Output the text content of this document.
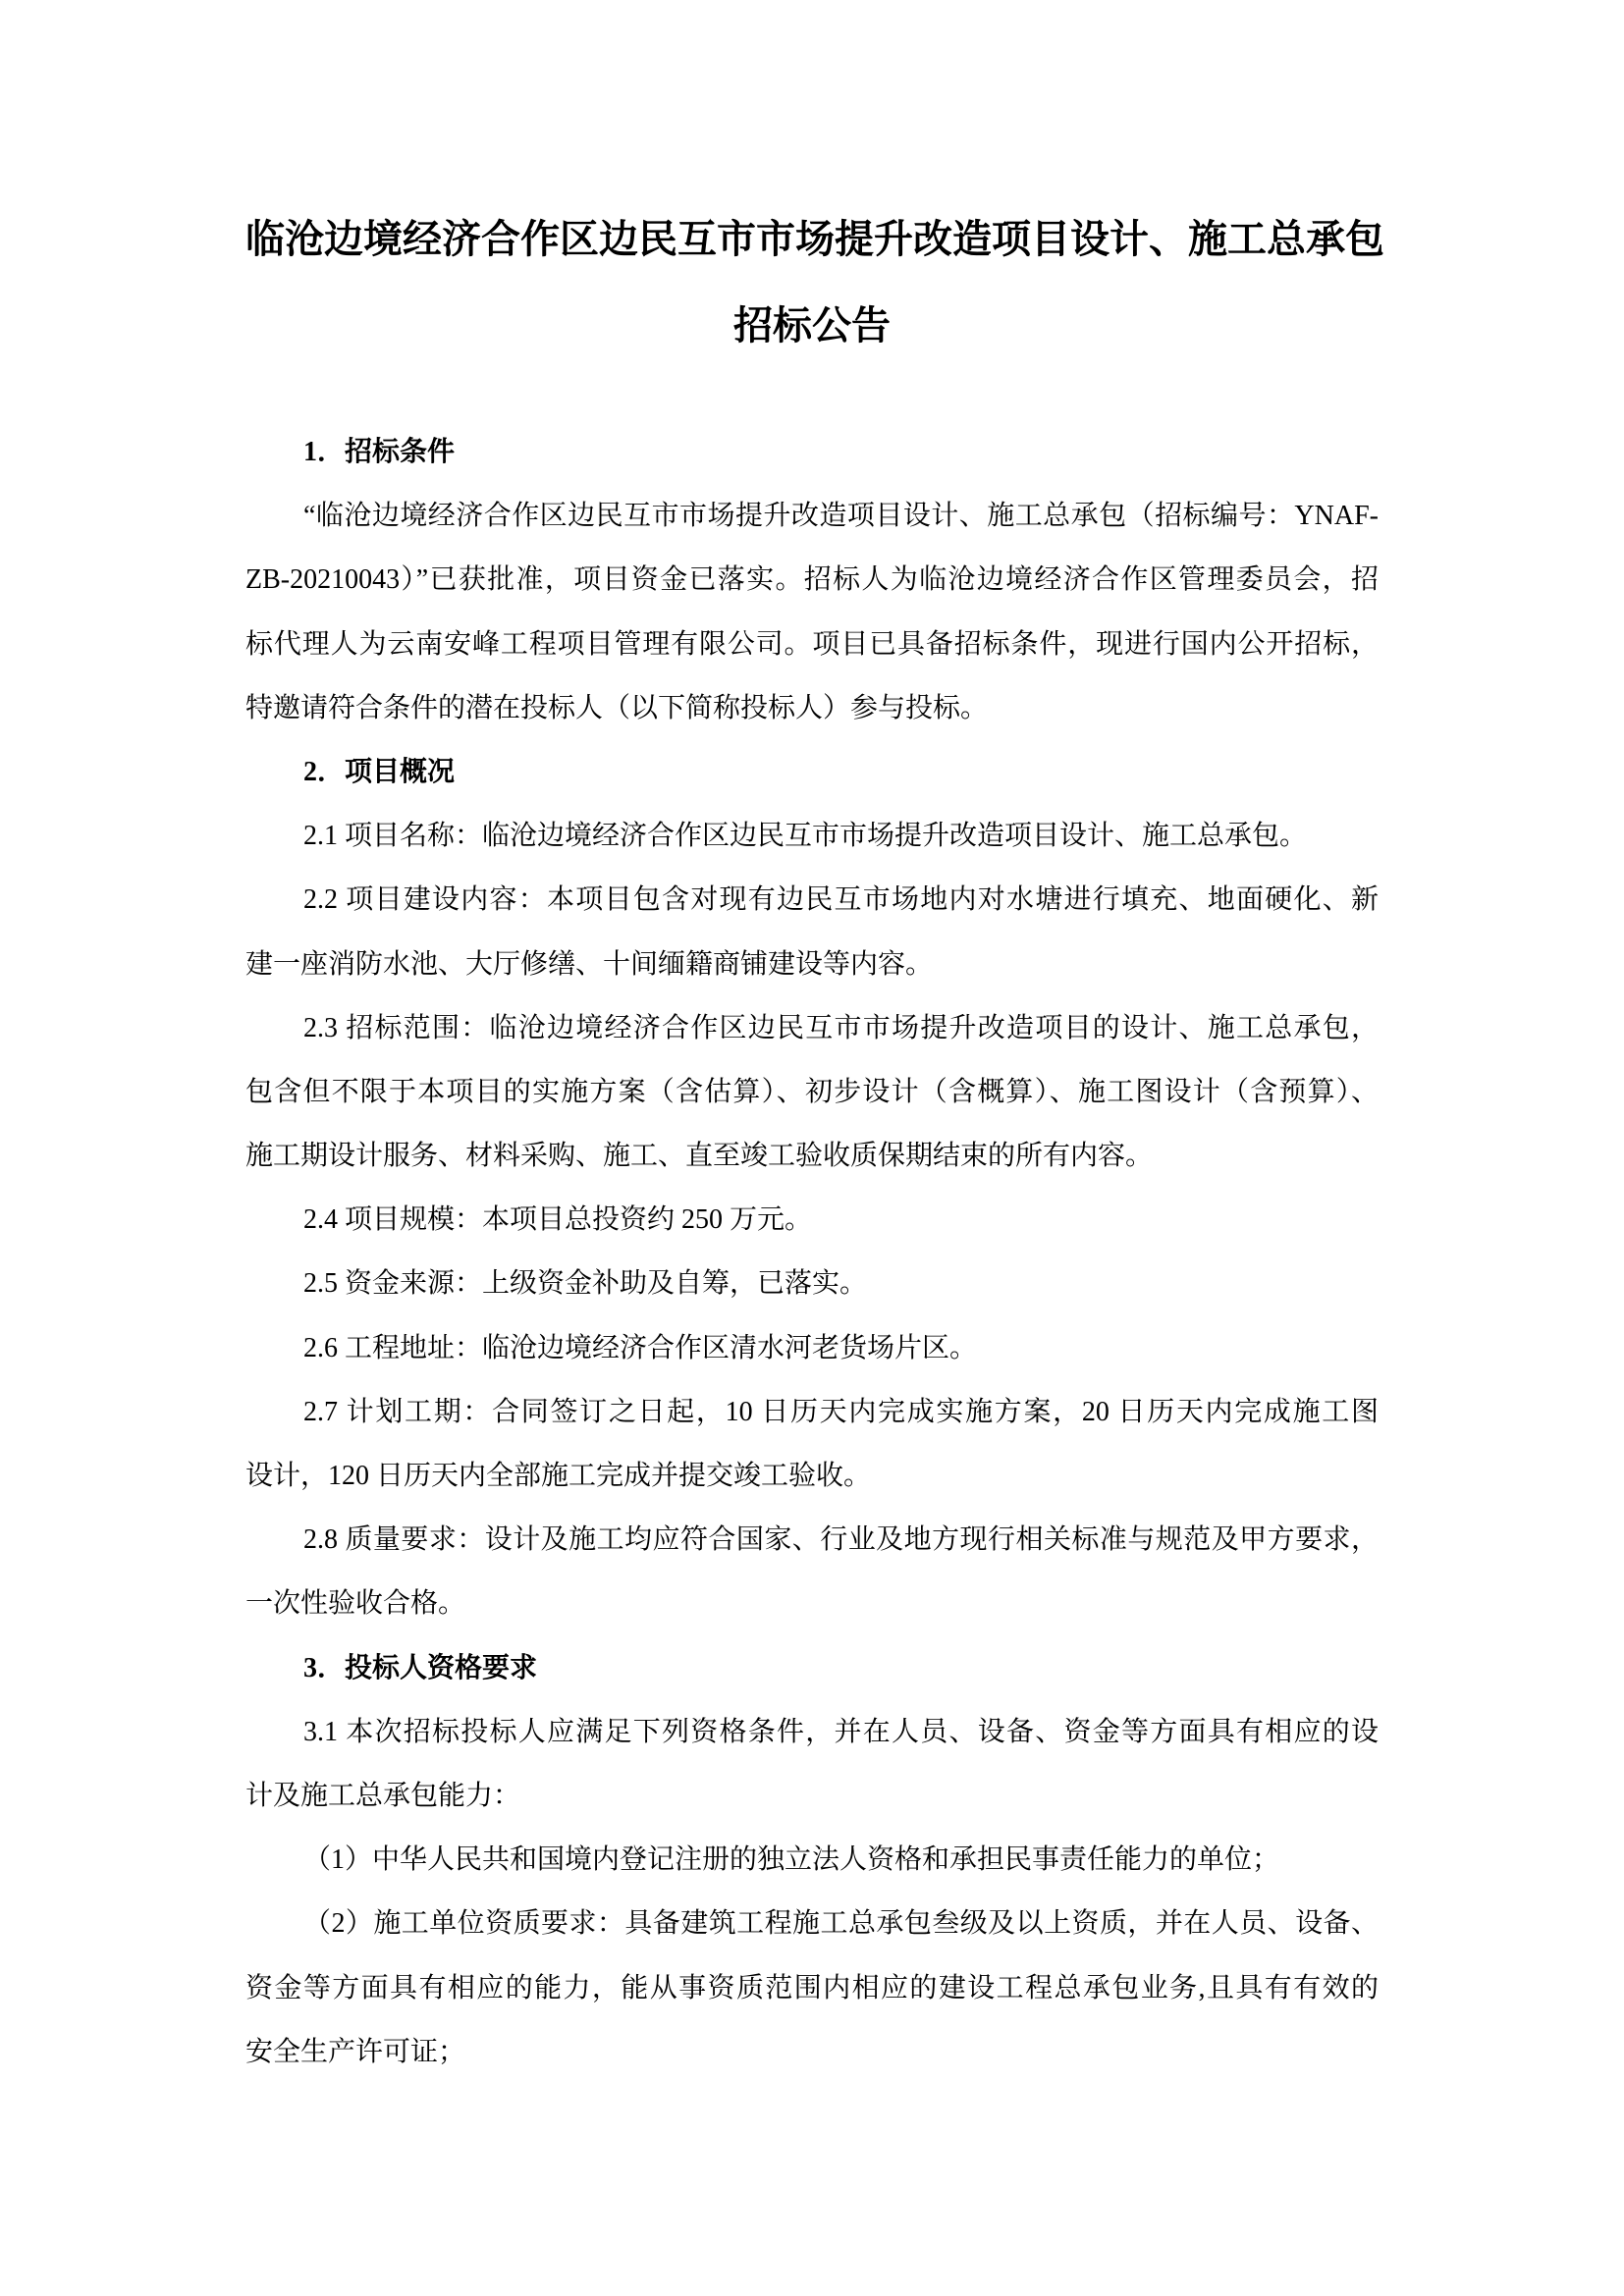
临沧边境经济合作区边民互市市场提升改造项目设计、施工总承包
招标公告
1．招标条件
“临沧边境经济合作区边民互市市场提升改造项目设计、施工总承包（招标编号：YNAF-
ZB-20210043）”已获批准，项目资金已落实。招标人为临沧边境经济合作区管理委员会，招
标代理人为云南安峰工程项目管理有限公司。项目已具备招标条件，现进行国内公开招标，
特邀请符合条件的潜在投标人（以下简称投标人）参与投标。
2．项目概况
2.1 项目名称：临沧边境经济合作区边民互市市场提升改造项目设计、施工总承包。
2.2 项目建设内容：本项目包含对现有边民互市场地内对水塘进行填充、地面硬化、新
建一座消防水池、大厅修缮、十间缅籍商铺建设等内容。
2.3 招标范围：临沧边境经济合作区边民互市市场提升改造项目的设计、施工总承包，
包含但不限于本项目的实施方案（含估算）、初步设计（含概算）、施工图设计（含预算）、
施工期设计服务、材料采购、施工、直至竣工验收质保期结束的所有内容。
2.4 项目规模：本项目总投资约 250 万元。
2.5 资金来源：上级资金补助及自筹，已落实。
2.6 工程地址：临沧边境经济合作区清水河老货场片区。
2.7 计划工期：合同签订之日起，10 日历天内完成实施方案，20 日历天内完成施工图
设计，120 日历天内全部施工完成并提交竣工验收。
2.8 质量要求：设计及施工均应符合国家、行业及地方现行相关标准与规范及甲方要求，
一次性验收合格。
3．投标人资格要求
3.1 本次招标投标人应满足下列资格条件，并在人员、设备、资金等方面具有相应的设
计及施工总承包能力：
（1）中华人民共和国境内登记注册的独立法人资格和承担民事责任能力的单位；
（2）施工单位资质要求：具备建筑工程施工总承包叁级及以上资质，并在人员、设备、
资金等方面具有相应的能力，能从事资质范围内相应的建设工程总承包业务,且具有有效的
安全生产许可证；
